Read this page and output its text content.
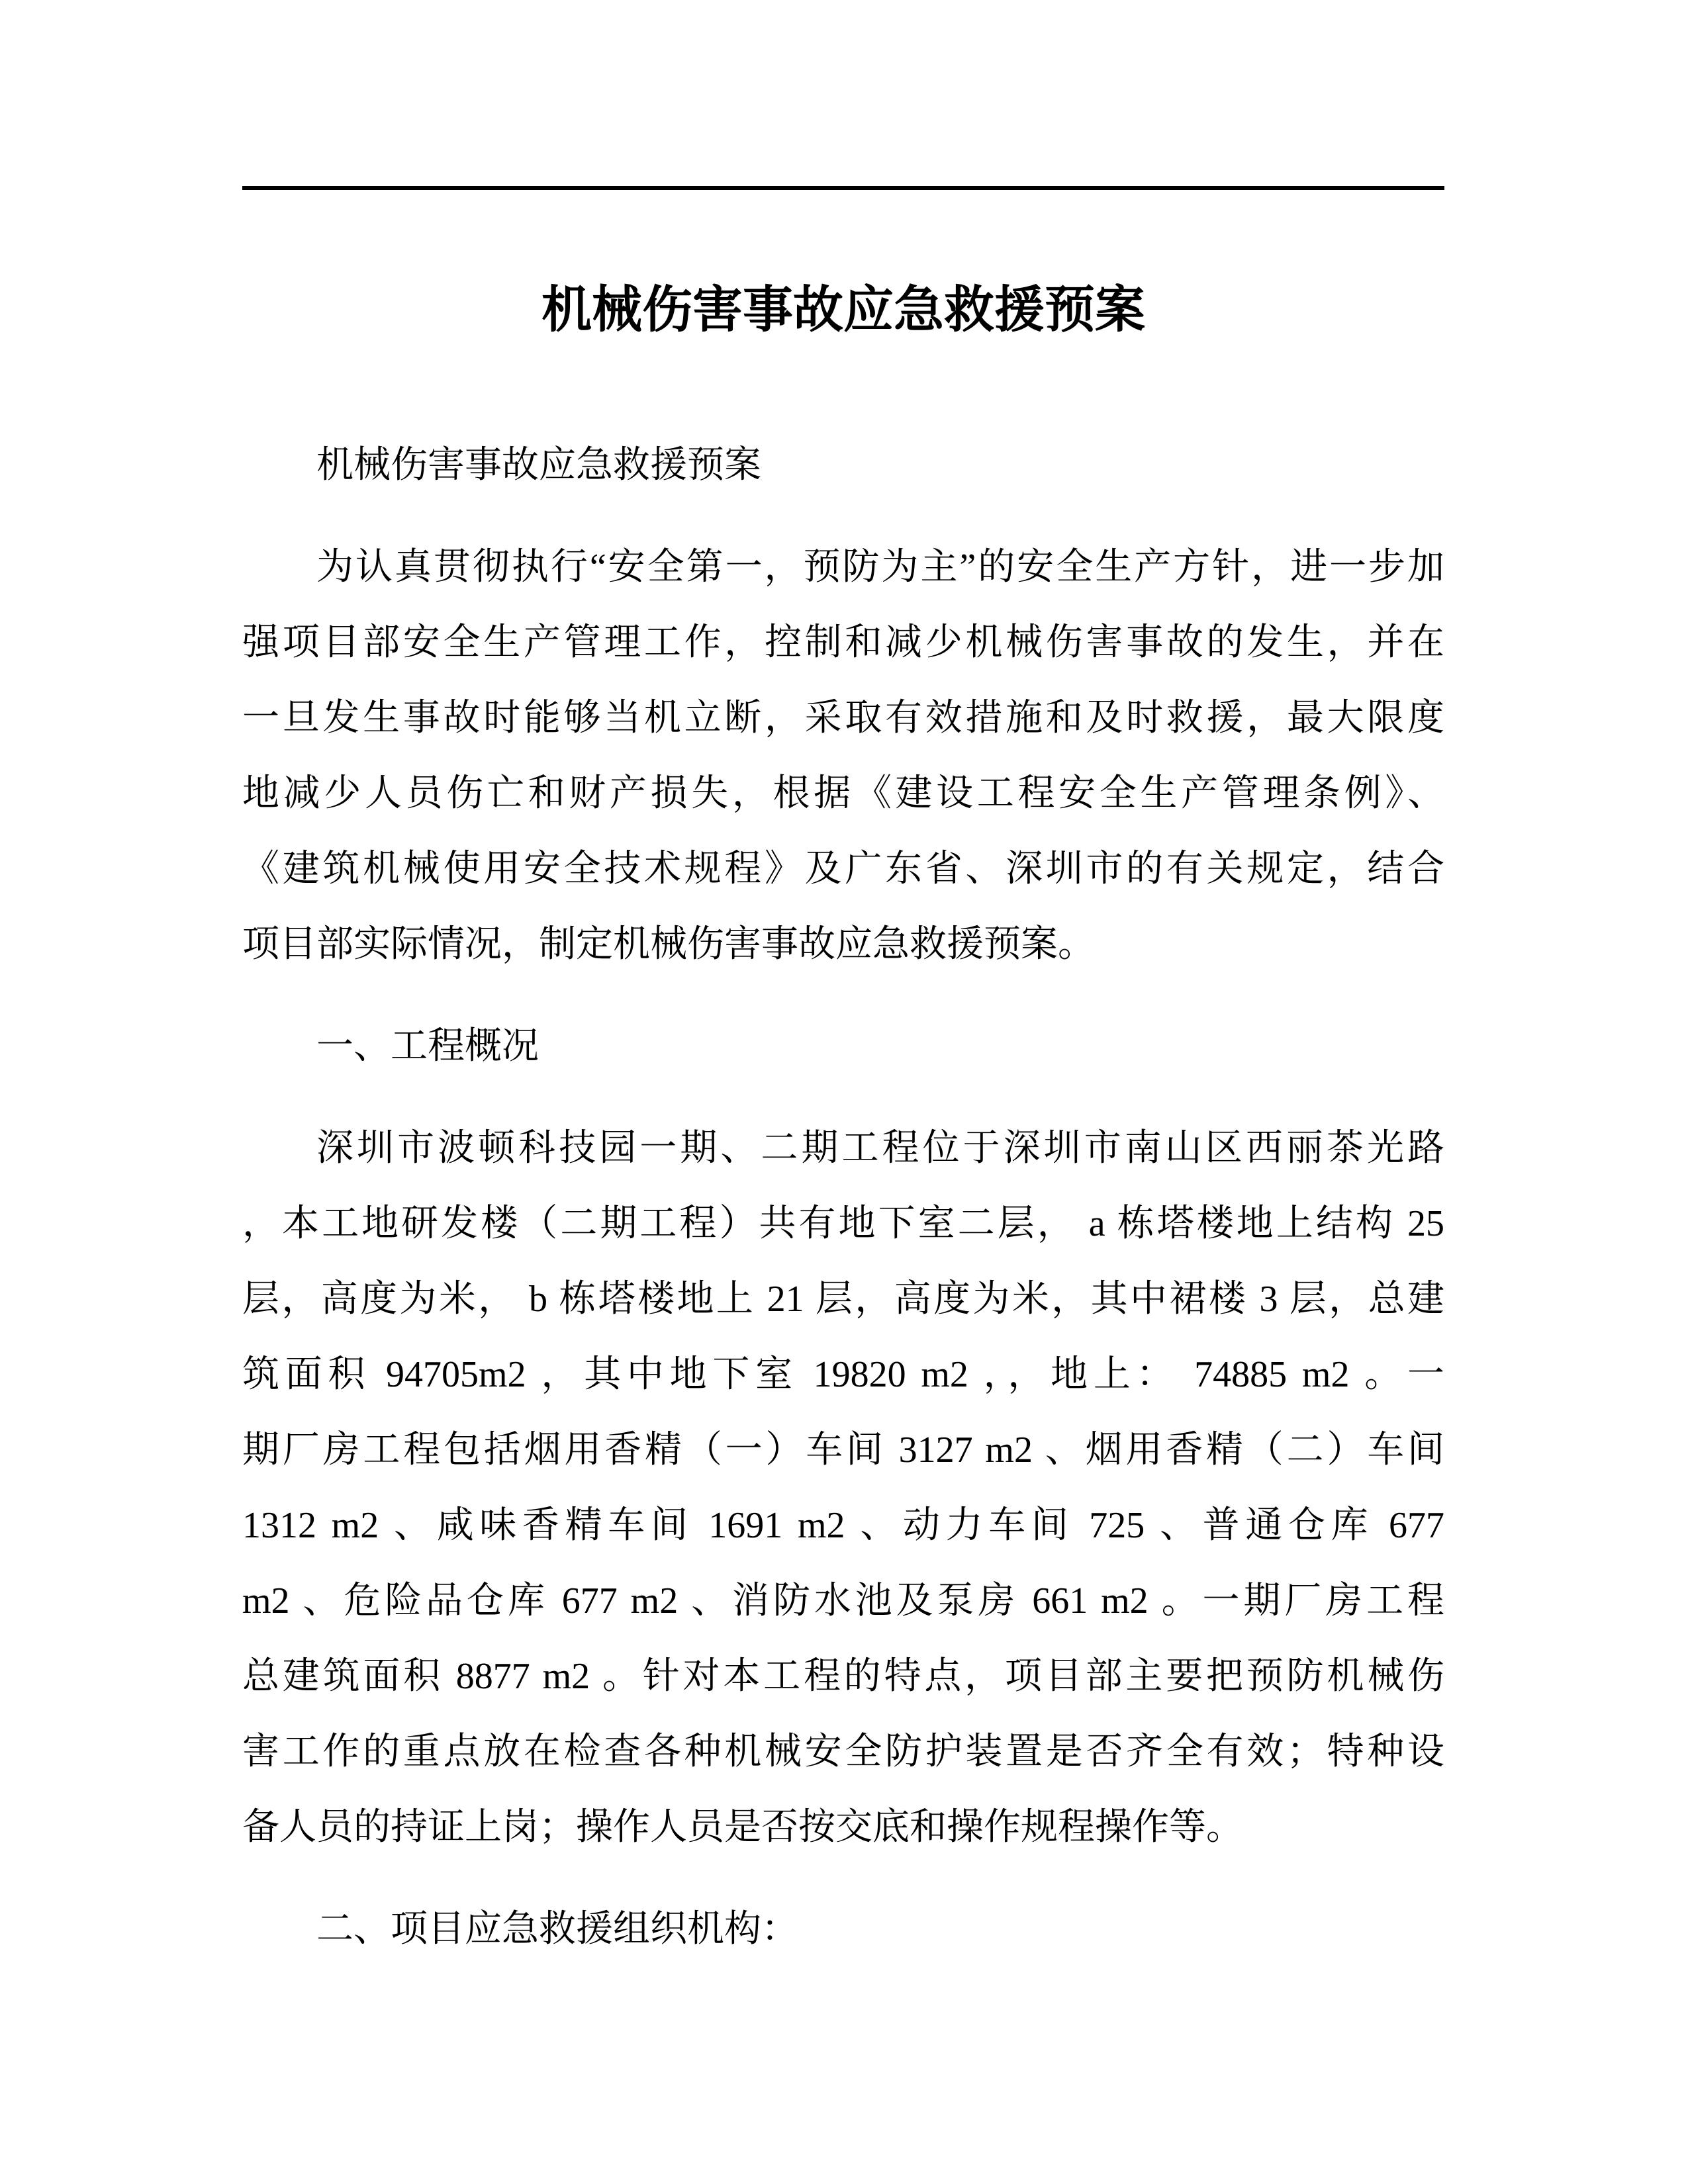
机械伤害事故应急救援预案
机械伤害事故应急救援预案
为认真贯彻执行“安全第一，预防为主”的安全生产方针，进一步加
强项目部安全生产管理工作，控制和减少机械伤害事故的发生，并在
一旦发生事故时能够当机立断，采取有效措施和及时救援，最大限度
地减少人员伤亡和财产损失，根据《建设工程安全生产管理条例》、
《建筑机械使用安全技术规程》及广东省、深圳市的有关规定，结合
项目部实际情况，制定机械伤害事故应急救援预案。
一、工程概况
深圳市波顿科技园一期、二期工程位于深圳市南山区西丽茶光路
，本工地研发楼（二期工程）共有地下室二层， a 栋塔楼地上结构 25
层，高度为米， b 栋塔楼地上 21 层，高度为米，其中裙楼 3 层，总建
筑面积 94705m2 ，其中地下室 19820 m2 ，，地上： 74885 m2 。一
期厂房工程包括烟用香精（一）车间 3127 m2 、烟用香精（二）车间
1312 m2 、咸味香精车间 1691 m2 、动力车间 725 、普通仓库 677
m2 、危险品仓库 677 m2 、消防水池及泵房 661 m2 。一期厂房工程
总建筑面积 8877 m2 。针对本工程的特点，项目部主要把预防机械伤
害工作的重点放在检查各种机械安全防护装置是否齐全有效；特种设
备人员的持证上岗；操作人员是否按交底和操作规程操作等。
二、项目应急救援组织机构：
